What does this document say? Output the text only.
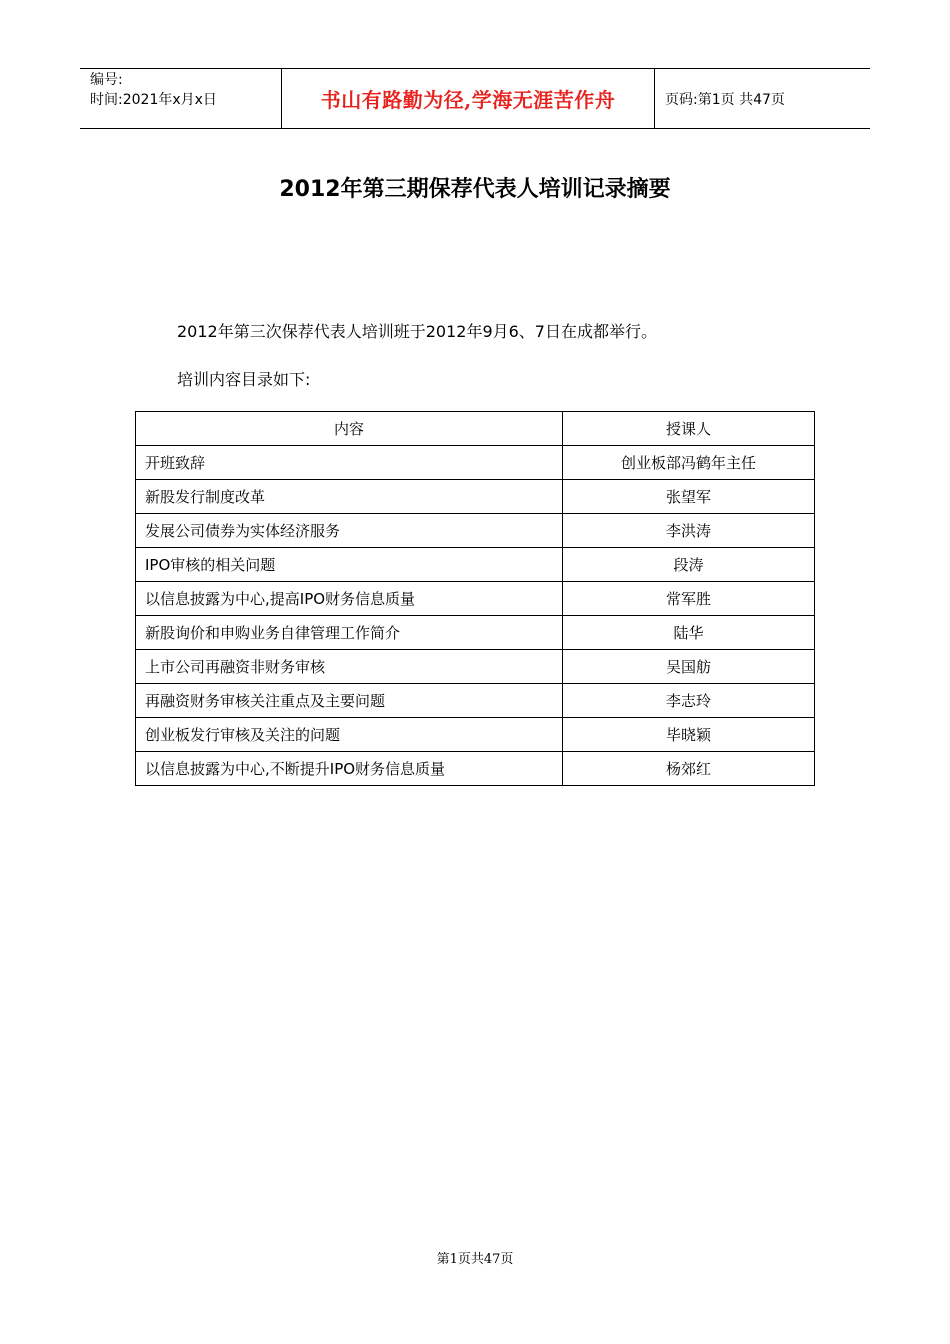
编号:
时间:2021年x月x日	书山有路勤为径,学海无涯苦作舟	页码:第1页 共47页
2012年第三期保荐代表人培训记录摘要
2012年第三次保荐代表人培训班于2012年9月6、7日在成都举行。
培训内容目录如下:
内容	授课人
开班致辞	创业板部冯鹤年主任
新股发行制度改革	张望军
发展公司债券为实体经济服务	李洪涛
IPO审核的相关问题	段涛
以信息披露为中心,提高IPO财务信息质量	常军胜
新股询价和申购业务自律管理工作简介	陆华
上市公司再融资非财务审核	吴国舫
再融资财务审核关注重点及主要问题	李志玲
创业板发行审核及关注的问题	毕晓颖
以信息披露为中心,不断提升IPO财务信息质量	杨郊红
第1页共47页
